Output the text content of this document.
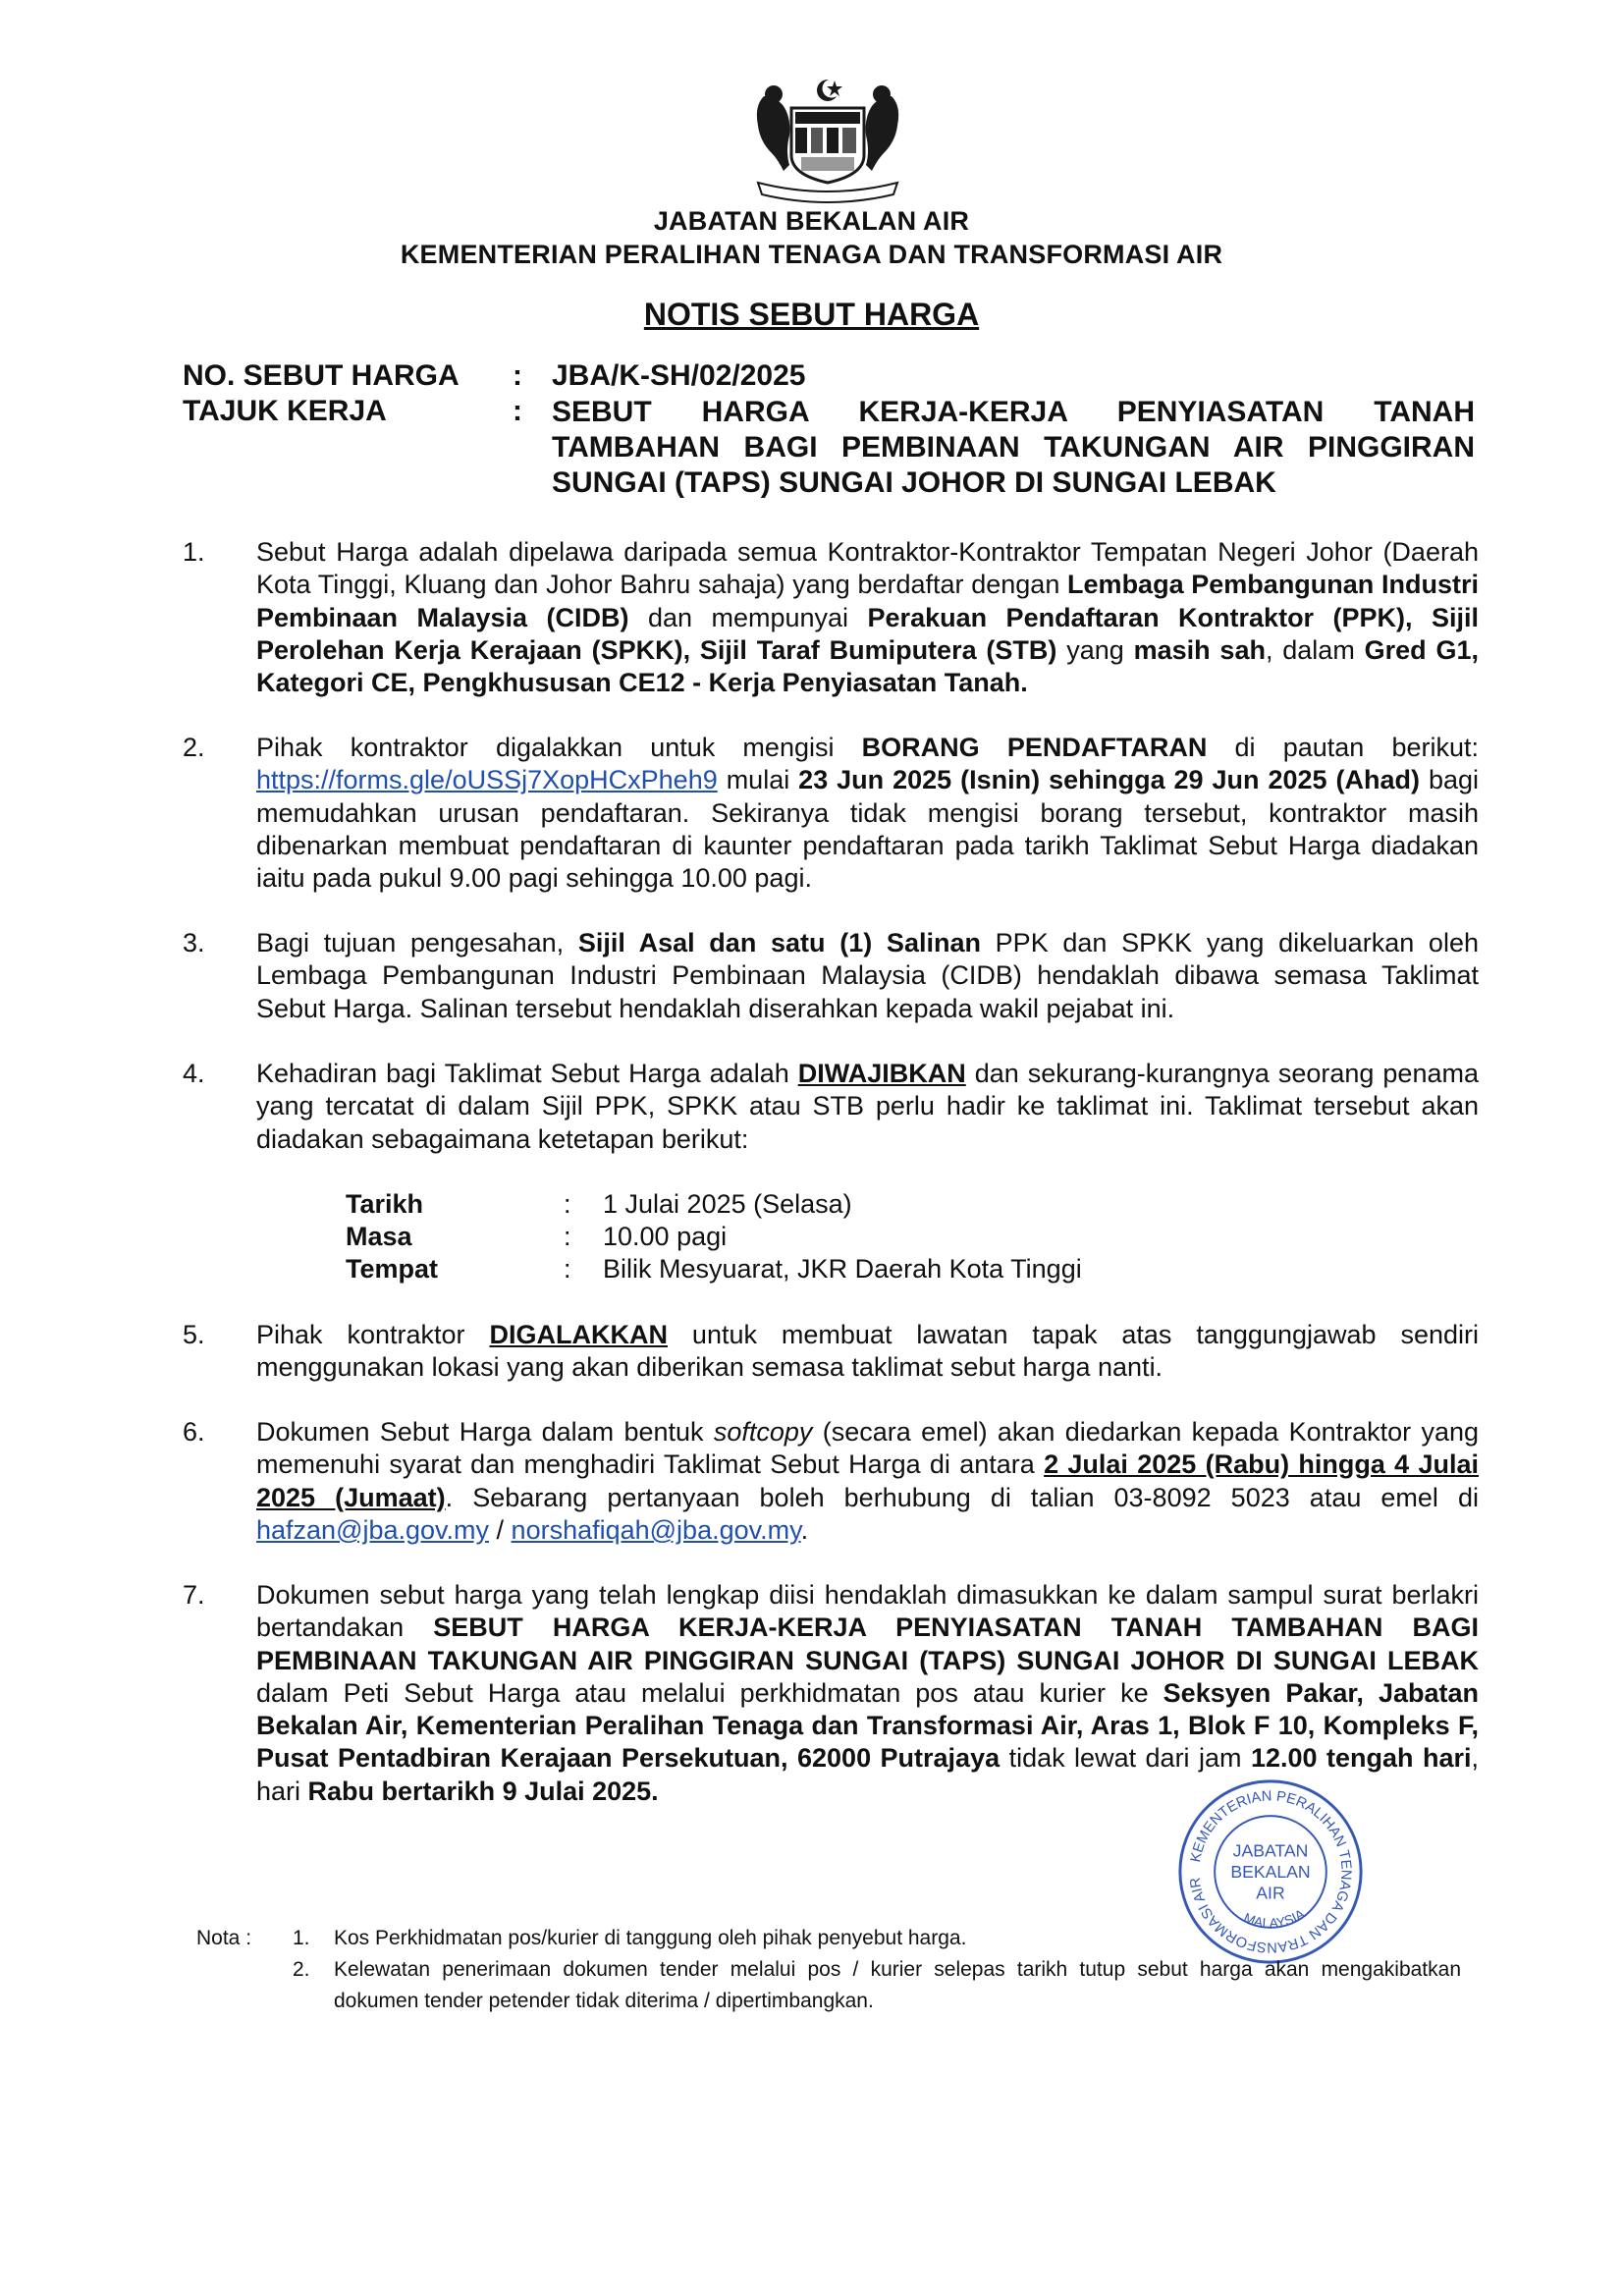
JABATAN BEKALAN AIR
KEMENTERIAN PERALIHAN TENAGA DAN TRANSFORMASI AIR
NOTIS SEBUT HARGA
NO. SEBUT HARGA : JBA/K-SH/02/2025
TAJUK KERJA	: SEBUT HARGA KERJA-KERJA PENYIASATAN TANAH TAMBAHAN BAGI PEMBINAAN TAKUNGAN AIR PINGGIRAN SUNGAI (TAPS) SUNGAI JOHOR DI SUNGAI LEBAK
1. Sebut Harga adalah dipelawa daripada semua Kontraktor-Kontraktor Tempatan Negeri Johor (Daerah Kota Tinggi, Kluang dan Johor Bahru sahaja) yang berdaftar dengan Lembaga Pembangunan Industri Pembinaan Malaysia (CIDB) dan mempunyai Perakuan Pendaftaran Kontraktor (PPK), Sijil Perolehan Kerja Kerajaan (SPKK), Sijil Taraf Bumiputera (STB) yang masih sah, dalam Gred G1, Kategori CE, Pengkhususan CE12 - Kerja Penyiasatan Tanah.
2. Pihak kontraktor digalakkan untuk mengisi BORANG PENDAFTARAN di pautan berikut: https://forms.gle/oUSSj7XopHCxPheh9 mulai 23 Jun 2025 (Isnin) sehingga 29 Jun 2025 (Ahad) bagi memudahkan urusan pendaftaran. Sekiranya tidak mengisi borang tersebut, kontraktor masih dibenarkan membuat pendaftaran di kaunter pendaftaran pada tarikh Taklimat Sebut Harga diadakan iaitu pada pukul 9.00 pagi sehingga 10.00 pagi.
3. Bagi tujuan pengesahan, Sijil Asal dan satu (1) Salinan PPK dan SPKK yang dikeluarkan oleh Lembaga Pembangunan Industri Pembinaan Malaysia (CIDB) hendaklah dibawa semasa Taklimat Sebut Harga. Salinan tersebut hendaklah diserahkan kepada wakil pejabat ini.
4. Kehadiran bagi Taklimat Sebut Harga adalah DIWAJIBKAN dan sekurang-kurangnya seorang penama yang tercatat di dalam Sijil PPK, SPKK atau STB perlu hadir ke taklimat ini. Taklimat tersebut akan diadakan sebagaimana ketetapan berikut:
Tarikh	: 1 Julai 2025 (Selasa)
Masa	: 10.00 pagi
Tempat	: Bilik Mesyuarat, JKR Daerah Kota Tinggi
5. Pihak kontraktor DIGALAKKAN untuk membuat lawatan tapak atas tanggungjawab sendiri menggunakan lokasi yang akan diberikan semasa taklimat sebut harga nanti.
6. Dokumen Sebut Harga dalam bentuk softcopy (secara emel) akan diedarkan kepada Kontraktor yang memenuhi syarat dan menghadiri Taklimat Sebut Harga di antara 2 Julai 2025 (Rabu) hingga 4 Julai 2025 (Jumaat). Sebarang pertanyaan boleh berhubung di talian 03-8092 5023 atau emel di hafzan@jba.gov.my / norshafiqah@jba.gov.my.
7. Dokumen sebut harga yang telah lengkap diisi hendaklah dimasukkan ke dalam sampul surat berlakri bertandakan SEBUT HARGA KERJA-KERJA PENYIASATAN TANAH TAMBAHAN BAGI PEMBINAAN TAKUNGAN AIR PINGGIRAN SUNGAI (TAPS) SUNGAI JOHOR DI SUNGAI LEBAK dalam Peti Sebut Harga atau melalui perkhidmatan pos atau kurier ke Seksyen Pakar, Jabatan Bekalan Air, Kementerian Peralihan Tenaga dan Transformasi Air, Aras 1, Blok F 10, Kompleks F, Pusat Pentadbiran Kerajaan Persekutuan, 62000 Putrajaya tidak lewat dari jam 12.00 tengah hari, hari Rabu bertarikh 9 Julai 2025.
KEMENTERIAN PERALIHAN TENAGA DAN TRANSFORMASI AIR
JABATAN
BEKALAN
AIR
MALAYSIA
Nota : 1. Kos Perkhidmatan pos/kurier di tanggung oleh pihak penyebut harga.
2. Kelewatan penerimaan dokumen tender melalui pos / kurier selepas tarikh tutup sebut harga akan mengakibatkan dokumen tender petender tidak diterima / dipertimbangkan.
